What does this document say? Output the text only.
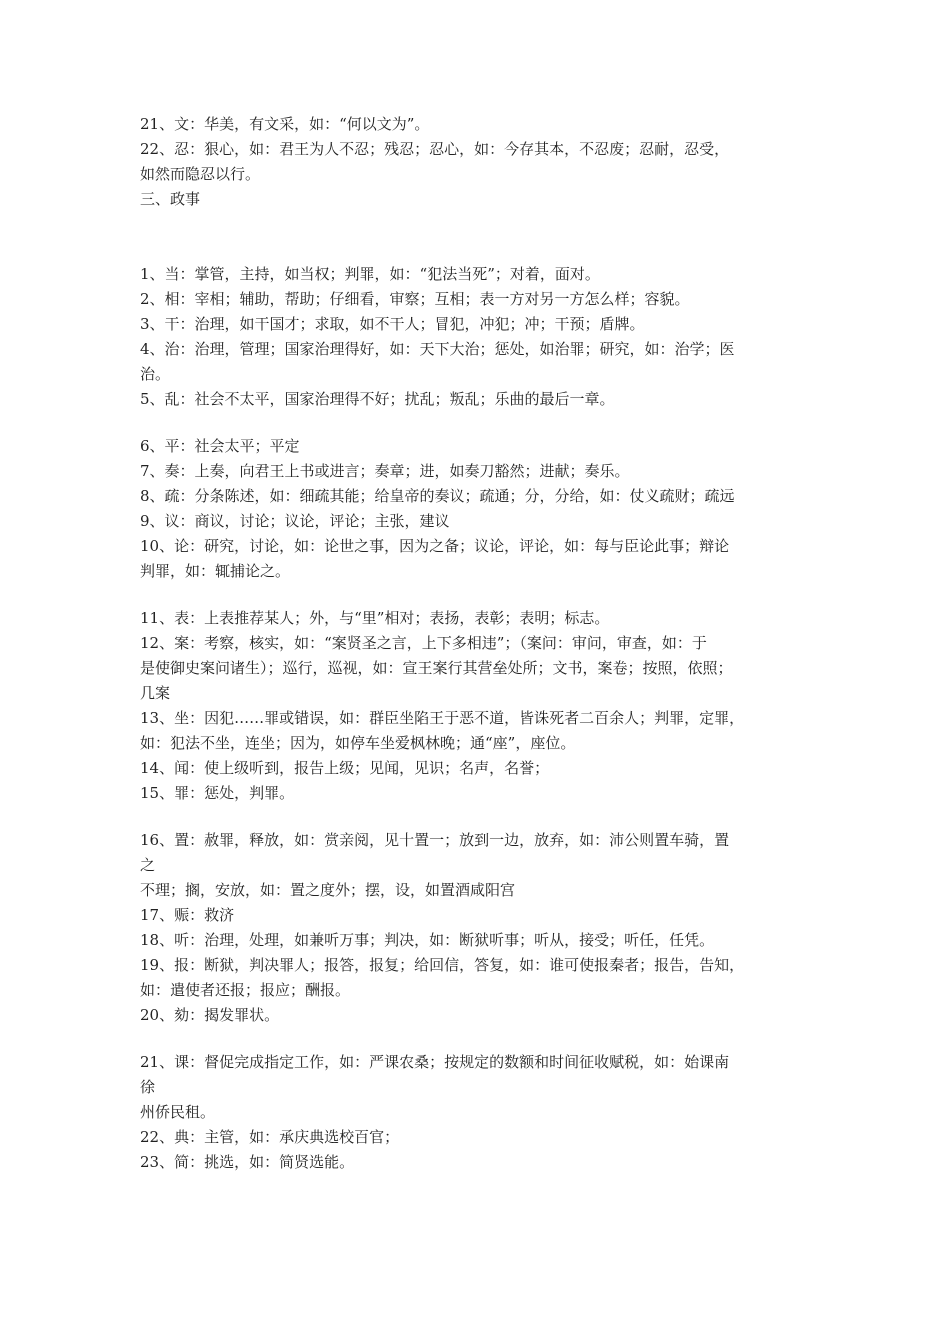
21、文：华美，有文采，如：“何以文为”。
22、忍：狠心，如：君王为人不忍；残忍；忍心，如：今存其本，不忍废；忍耐，忍受，
如然而隐忍以行。
三、政事
1、当：掌管，主持，如当权；判罪，如：“犯法当死”；对着，面对。
2、相：宰相；辅助，帮助；仔细看，审察；互相；表一方对另一方怎么样；容貌。
3、干：治理，如干国才；求取，如不干人；冒犯，冲犯；冲；干预；盾牌。
4、治：治理，管理；国家治理得好，如：天下大治；惩处，如治罪；研究，如：治学；医
治。
5、乱：社会不太平，国家治理得不好；扰乱；叛乱；乐曲的最后一章。
6、平：社会太平；平定
7、奏：上奏，向君王上书或进言；奏章；进，如奏刀豁然；进献；奏乐。
8、疏：分条陈述，如：细疏其能；给皇帝的奏议；疏通；分，分给，如：仗义疏财；疏远
9、议：商议，讨论；议论，评论；主张，建议
10、论：研究，讨论，如：论世之事，因为之备；议论，评论，如：每与臣论此事；辩论
判罪，如：辄捕论之。
11、表：上表推荐某人；外，与“里”相对；表扬，表彰；表明；标志。
12、案：考察，核实，如：“案贤圣之言，上下多相违”；（案问：审问，审查，如：于
是使御史案问诸生）；巡行，巡视，如：宣王案行其营垒处所；文书，案卷；按照，依照；
几案
13、坐：因犯……罪或错误，如：群臣坐陷王于恶不道，皆诛死者二百余人；判罪，定罪，
如：犯法不坐，连坐；因为，如停车坐爱枫林晚；通“座”，座位。
14、闻：使上级听到，报告上级；见闻，见识；名声，名誉；
15、罪：惩处，判罪。
16、置：赦罪，释放，如：赏亲阅，见十置一；放到一边，放弃，如：沛公则置车骑，置
之
不理；搁，安放，如：置之度外；摆，设，如置酒咸阳宫
17、赈：救济
18、听：治理，处理，如兼听万事；判决，如：断狱听事；听从，接受；听任，任凭。
19、报：断狱，判决罪人；报答，报复；给回信，答复，如：谁可使报秦者；报告，告知，
如：遣使者还报；报应；酬报。
20、劾：揭发罪状。
21、课：督促完成指定工作，如：严课农桑；按规定的数额和时间征收赋税，如：始课南
徐
州侨民租。
22、典：主管，如：承庆典选校百官；
23、简：挑选，如：简贤选能。
